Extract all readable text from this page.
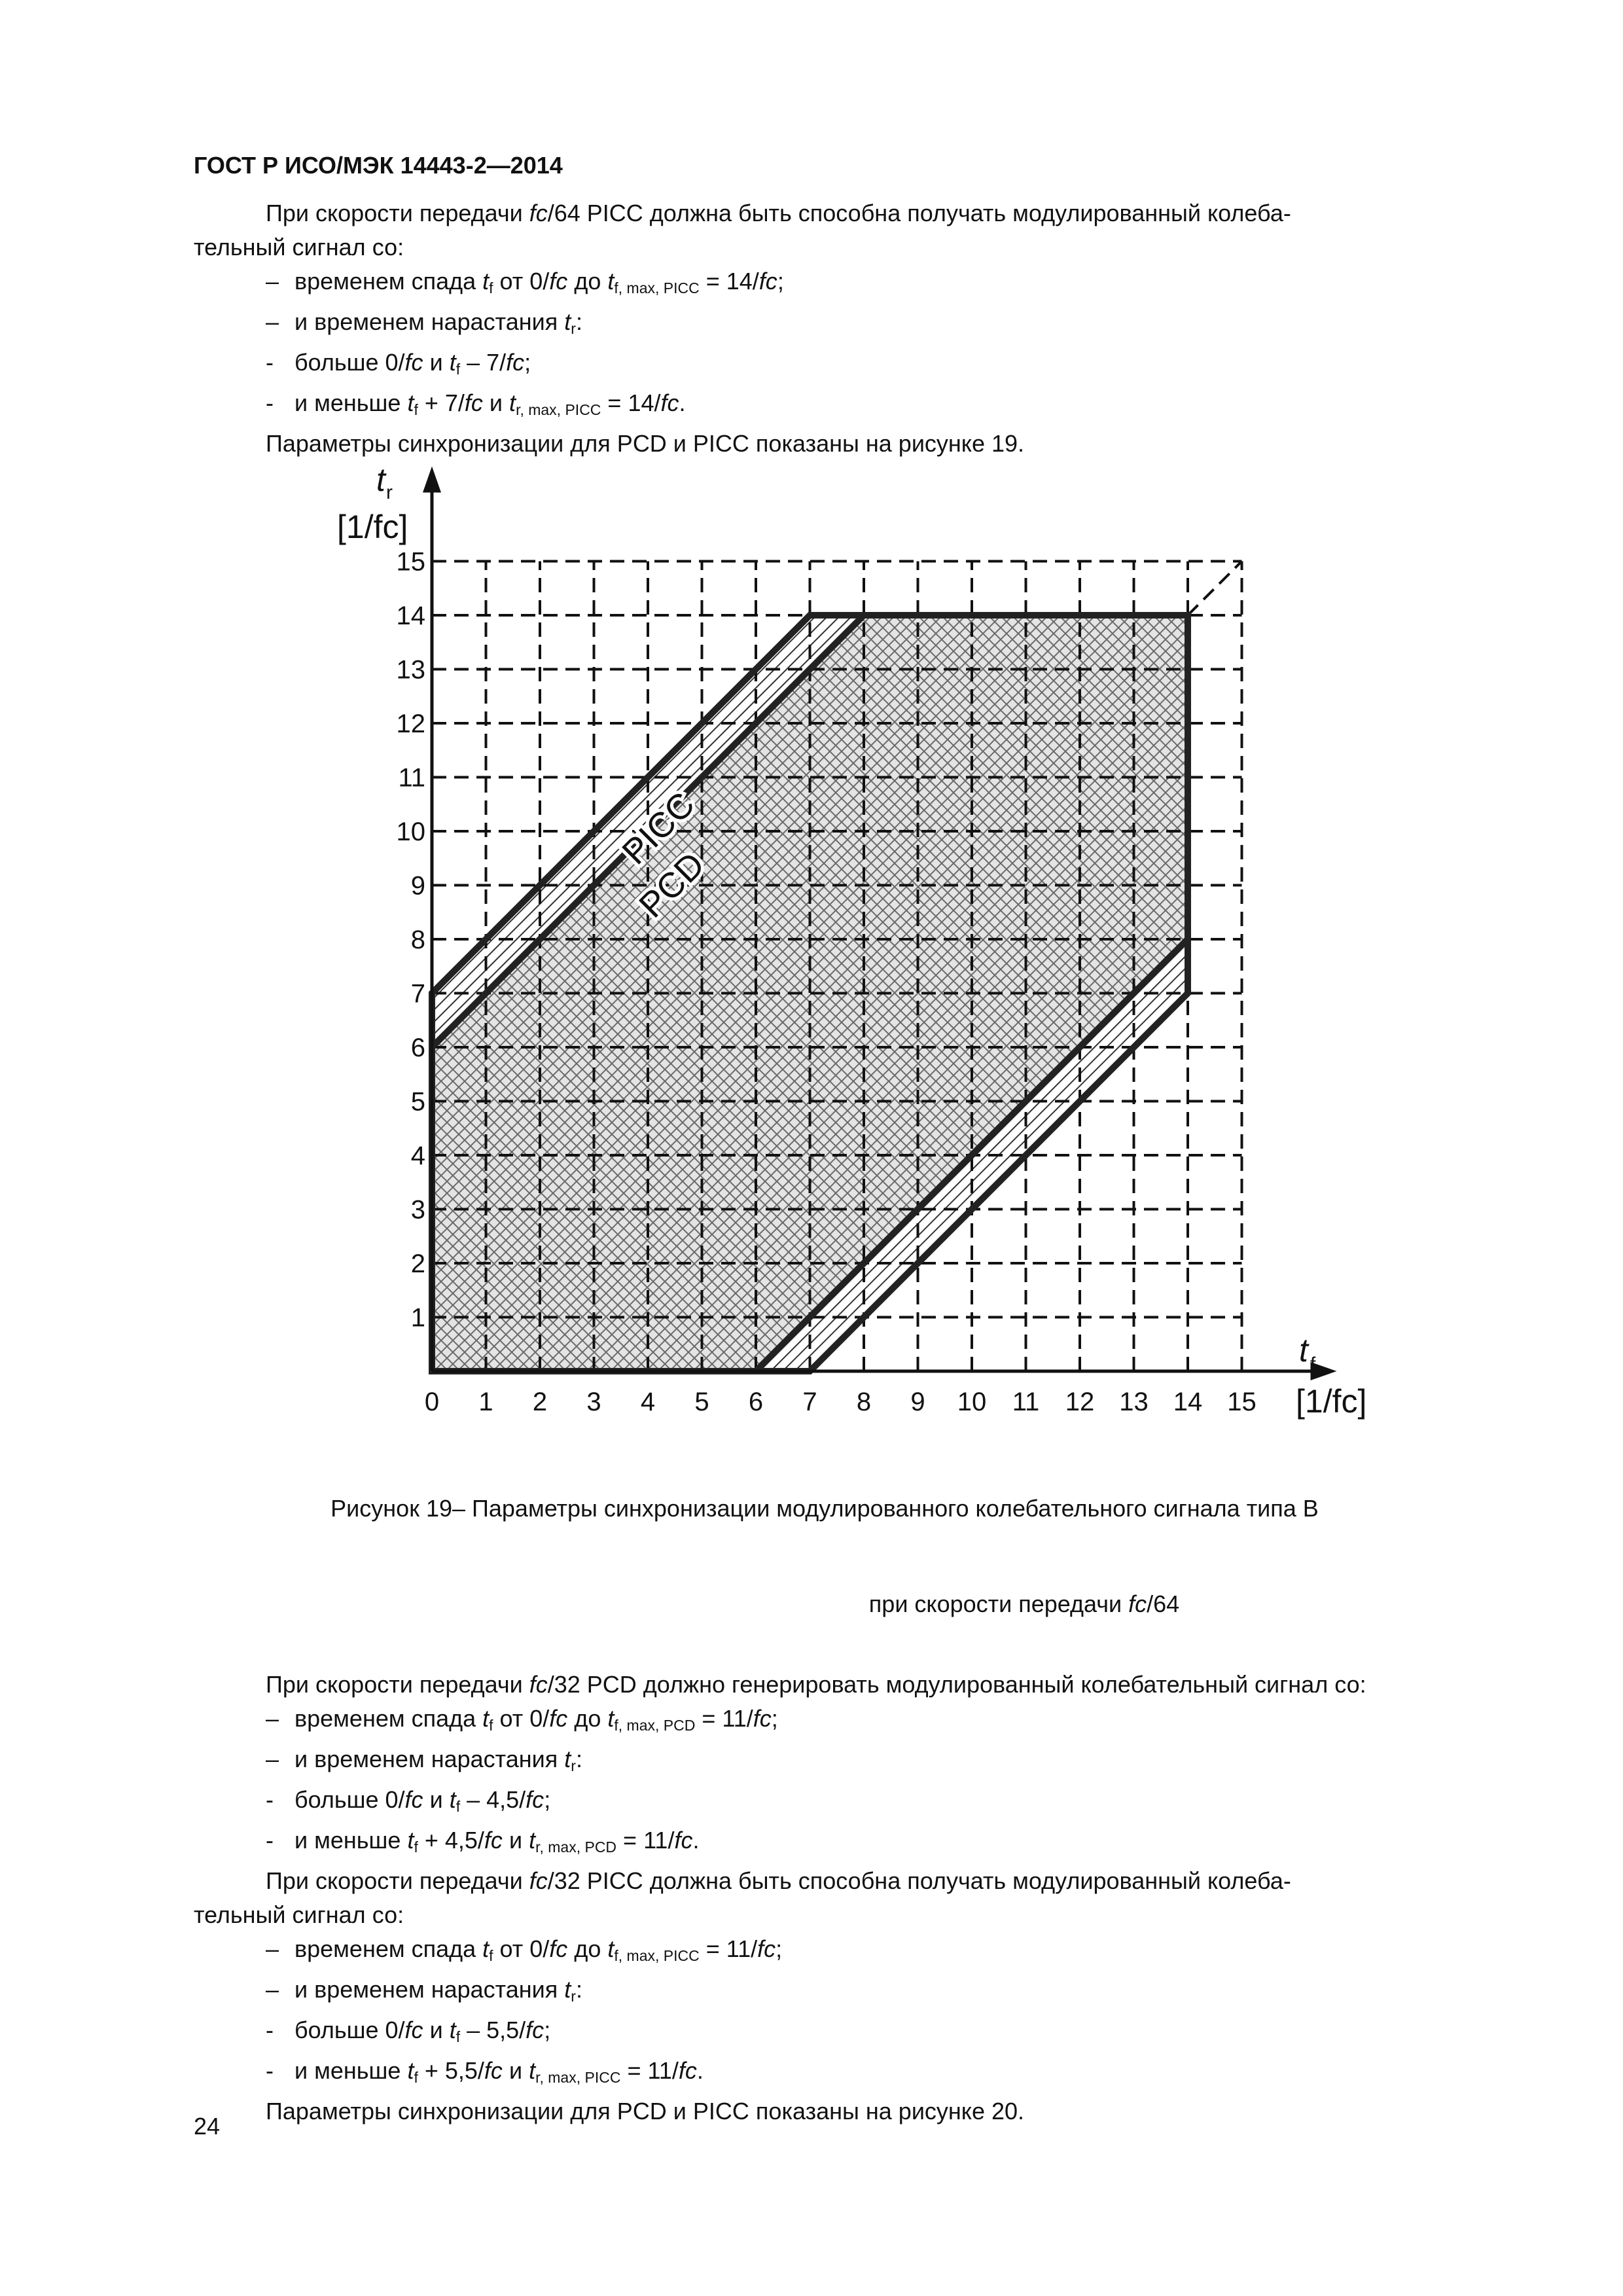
ГОСТ Р ИСО/МЭК 14443-2—2014
При скорости передачи fc/64 PICC должна быть способна получать модулированный колеба-
тельный сигнал со:
– временем спада $t_f$ от 0/fc до $t_{f, max, PICC} = 14/fc$;
– и временем нарастания $t_r$:
- больше 0/fc и $t_f - 7/fc$;
- и меньше $t_f + 7/fc$ и $t_{r, max, PICC} = 14/fc$.
Параметры синхронизации для PCD и PICC показаны на рисунке 19.
0 1 2 3 4 5 6 7 8 9 10 11 12 13 14 15
1
2
3
4
5
6
7
8
9
10
11
12
13
14
15
t r
[1/fc]
t f
[1/fc]
PICC
PCD
Рисунок 19– Параметры синхронизации модулированного колебательного сигнала типа В
при скорости передачи fc/64
При скорости передачи fc/32 PCD должно генерировать модулированный колебательный сигнал со:
– временем спада $t_f$ от 0/fc до $t_{f, max, PCD} = 11/fc$;
– и временем нарастания $t_r$:
- больше 0/fc и $t_f - 4,5/fc$;
- и меньше $t_f + 4,5/fc$ и $t_{r, max, PCD} = 11/fc$.
При скорости передачи fc/32 PICC должна быть способна получать модулированный колеба-
тельный сигнал со:
– временем спада $t_f$ от 0/fc до $t_{f, max, PICC} = 11/fc$;
– и временем нарастания $t_r$:
- больше 0/fc и $t_f - 5,5/fc$;
- и меньше $t_f + 5,5/fc$ и $t_{r, max, PICC} = 11/fc$.
Параметры синхронизации для PCD и PICC показаны на рисунке 20.
24
